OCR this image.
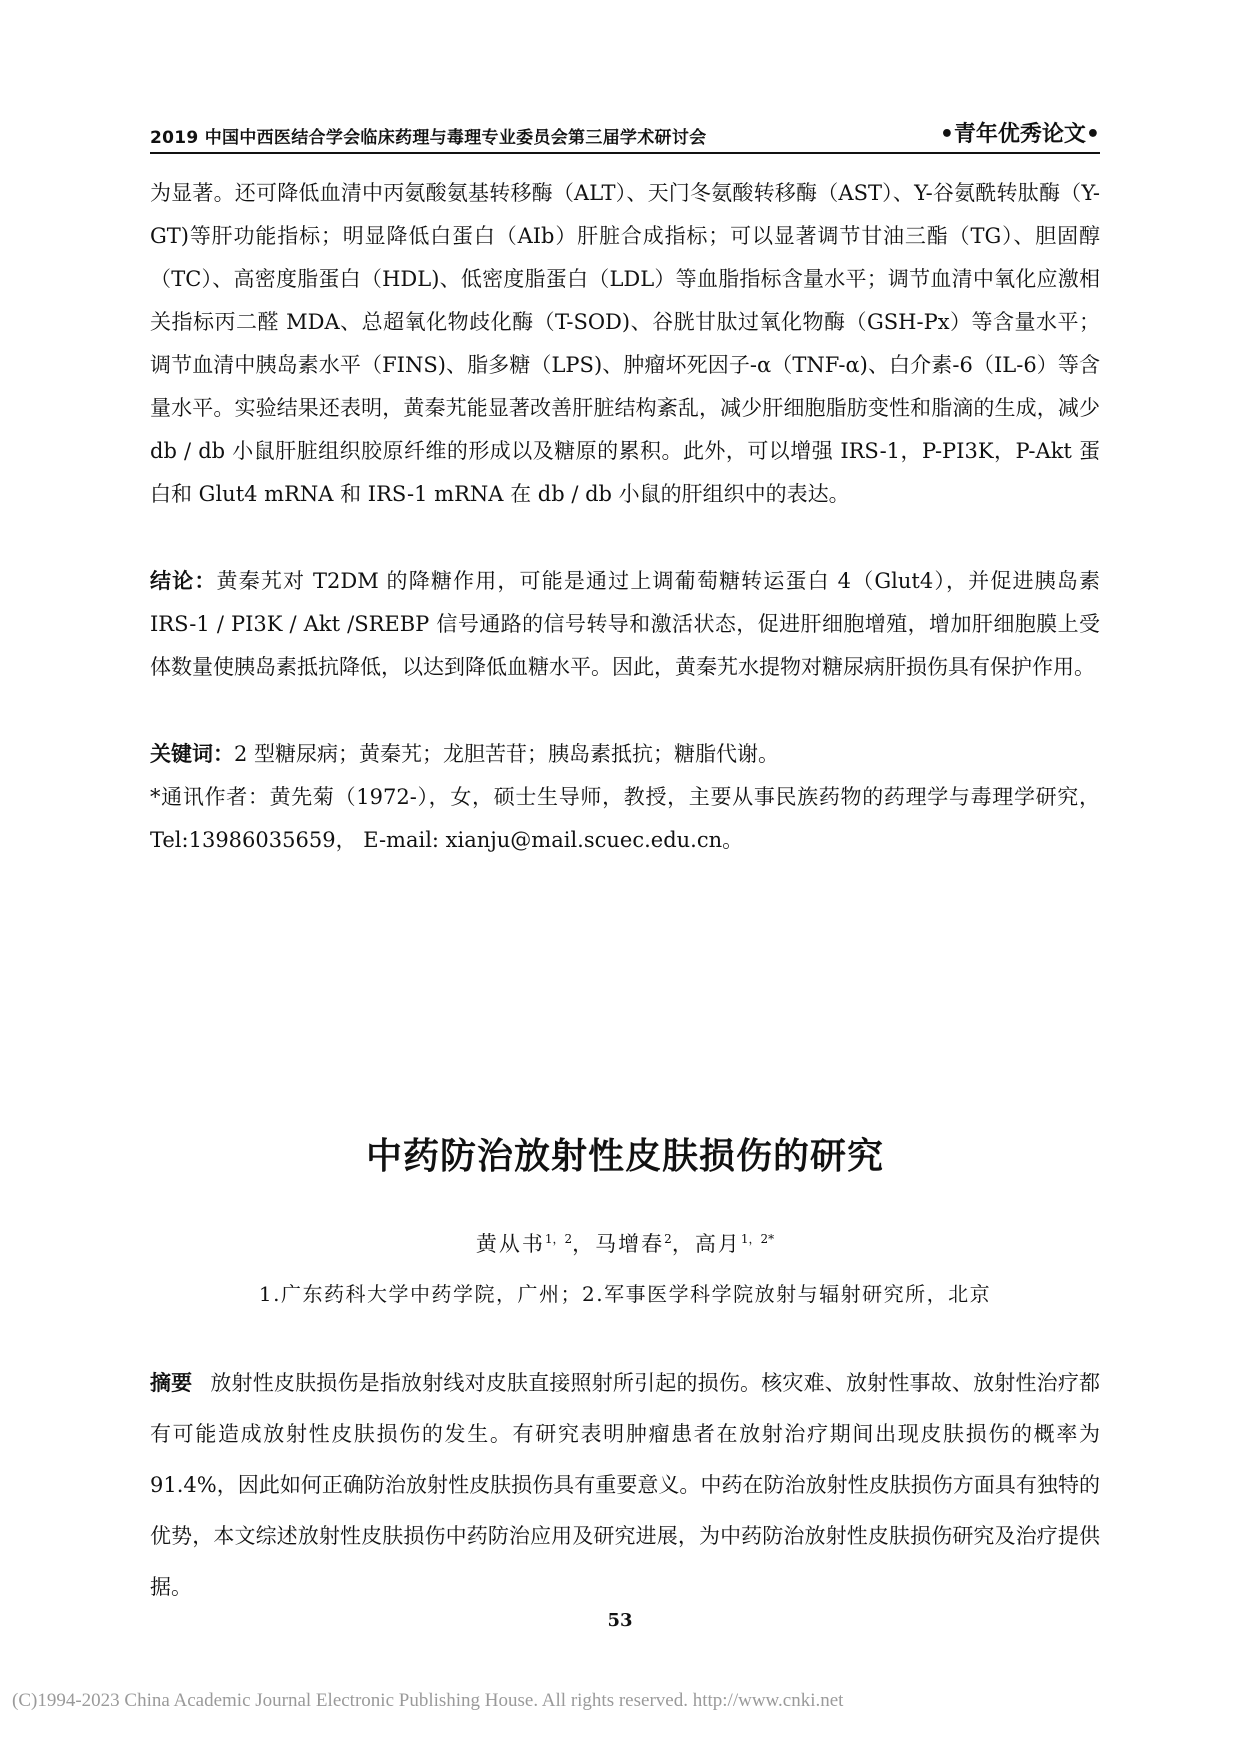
2019 中国中西医结合学会临床药理与毒理专业委员会第三届学术研讨会	•青年优秀论文•

为显著。还可降低血清中丙氨酸氨基转移酶（ALT）、天门冬氨酸转移酶（AST）、Y-谷氨酰转肽酶（Y-GT)等肝功能指标；明显降低白蛋白（AIb）肝脏合成指标；可以显著调节甘油三酯（TG）、胆固醇（TC）、高密度脂蛋白（HDL)、低密度脂蛋白（LDL）等血脂指标含量水平；调节血清中氧化应激相关指标丙二醛 MDA、总超氧化物歧化酶（T-SOD)、谷胱甘肽过氧化物酶（GSH-Px）等含量水平；调节血清中胰岛素水平（FINS)、脂多糖（LPS)、肿瘤坏死因子-α（TNF-α)、白介素-6（IL-6）等含量水平。实验结果还表明，黄秦艽能显著改善肝脏结构紊乱，减少肝细胞脂肪变性和脂滴的生成，减少 db / db 小鼠肝脏组织胶原纤维的形成以及糖原的累积。此外，可以增强 IRS-1，P-PI3K，P-Akt 蛋白和 Glut4 mRNA 和 IRS-1 mRNA 在 db / db 小鼠的肝组织中的表达。

结论：黄秦艽对 T2DM 的降糖作用，可能是通过上调葡萄糖转运蛋白 4（Glut4），并促进胰岛素 IRS-1 / PI3K / Akt /SREBP 信号通路的信号转导和激活状态，促进肝细胞增殖，增加肝细胞膜上受体数量使胰岛素抵抗降低，以达到降低血糖水平。因此，黄秦艽水提物对糖尿病肝损伤具有保护作用。

关键词：2 型糖尿病；黄秦艽；龙胆苦苷；胰岛素抵抗；糖脂代谢。

*通讯作者：黄先菊（1972-），女，硕士生导师，教授，主要从事民族药物的药理学与毒理学研究，Tel:13986035659， E-mail: xianju@mail.scuec.edu.cn。

中药防治放射性皮肤损伤的研究
黄从书$^{1,2}$，马增春$^2$，高月$^{1,2*}$
1.广东药科大学中药学院，广州；2.军事医学科学院放射与辐射研究所，北京

摘要 放射性皮肤损伤是指放射线对皮肤直接照射所引起的损伤。核灾难、放射性事故、放射性治疗都有可能造成放射性皮肤损伤的发生。有研究表明肿瘤患者在放射治疗期间出现皮肤损伤的概率为 91.4%，因此如何正确防治放射性皮肤损伤具有重要意义。中药在防治放射性皮肤损伤方面具有独特的优势，本文综述放射性皮肤损伤中药防治应用及研究进展，为中药防治放射性皮肤损伤研究及治疗提供据。

53
(C)1994-2023 China Academic Journal Electronic Publishing House. All rights reserved. http://www.cnki.net
